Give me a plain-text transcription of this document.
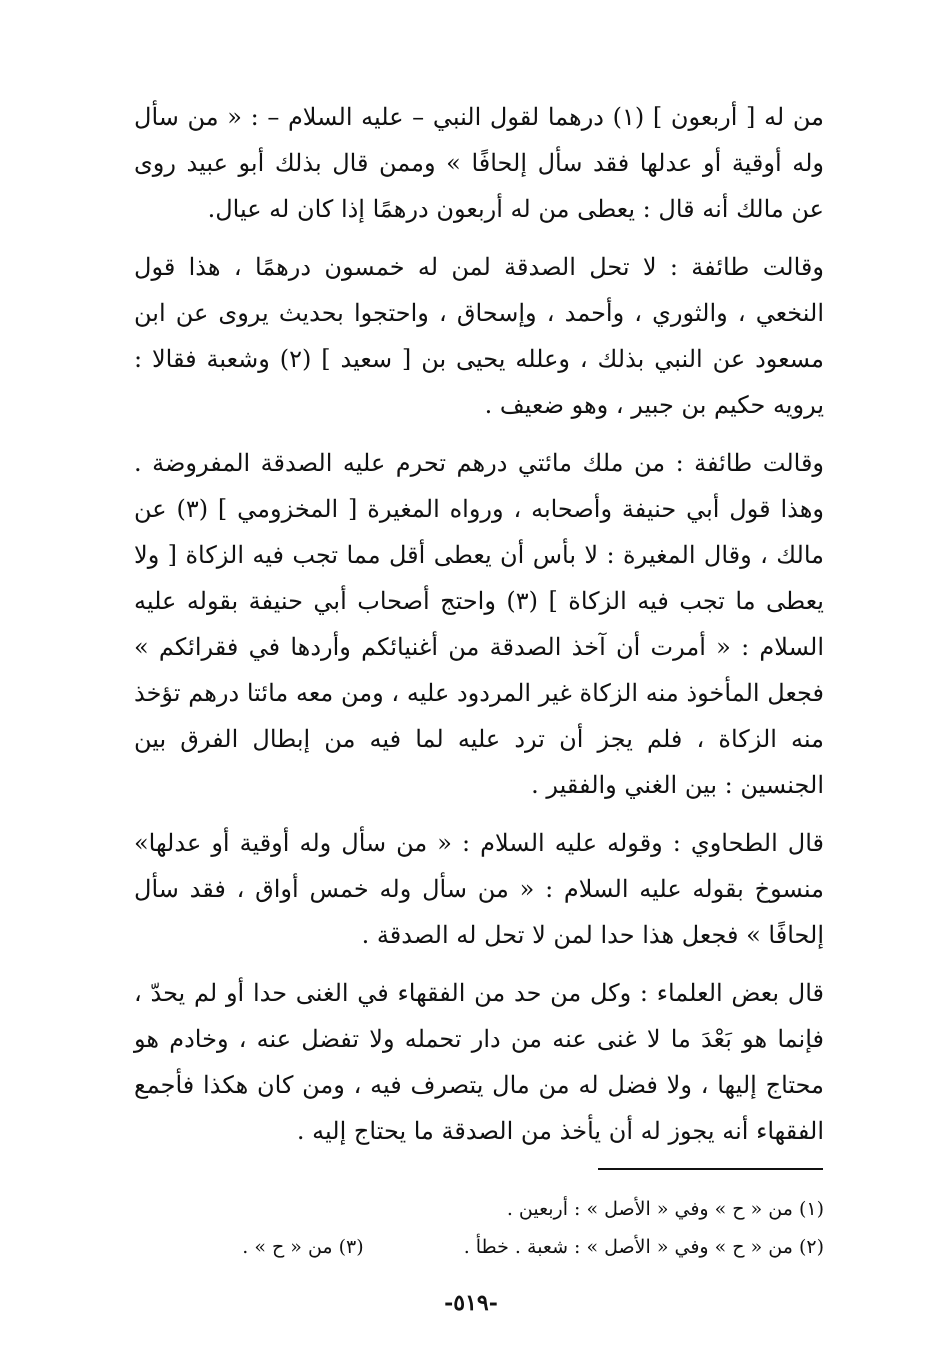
من له [ أربعون ] (١) درهما لقول النبي – عليه السلام – : « من سأل وله أوقية أو عدلها فقد سأل إلحافًا » وممن قال بذلك أبو عبيد روى عن مالك أنه قال : يعطى من له أربعون درهمًا إذا كان له عيال.

وقالت طائفة : لا تحل الصدقة لمن له خمسون درهمًا ، هذا قول النخعي ، والثوري ، وأحمد ، وإسحاق ، واحتجوا بحديث يروى عن ابن مسعود عن النبي بذلك ، وعلله يحيى بن [ سعيد ] (٢) وشعبة فقالا : يرويه حكيم بن جبير ، وهو ضعيف .

وقالت طائفة : من ملك مائتي درهم تحرم عليه الصدقة المفروضة . وهذا قول أبي حنيفة وأصحابه ، ورواه المغيرة [ المخزومي ] (٣) عن مالك ، وقال المغيرة : لا بأس أن يعطى أقل مما تجب فيه الزكاة [ ولا يعطى ما تجب فيه الزكاة ] (٣) واحتج أصحاب أبي حنيفة بقوله عليه السلام : « أمرت أن آخذ الصدقة من أغنيائكم وأردها في فقرائكم » فجعل المأخوذ منه الزكاة غير المردود عليه ، ومن معه مائتا درهم تؤخذ منه الزكاة ، فلم يجز أن ترد عليه لما فيه من إبطال الفرق بين الجنسين : بين الغني والفقير .

قال الطحاوي : وقوله عليه السلام : « من سأل وله أوقية أو عدلها» منسوخ بقوله عليه السلام : « من سأل وله خمس أواق ، فقد سأل إلحافًا » فجعل هذا حدا لمن لا تحل له الصدقة .

قال بعض العلماء : وكل من حد من الفقهاء في الغنى حدا أو لم يحدّ ، فإنما هو بَعْدَ ما لا غنى عنه من دار تحمله ولا تفضل عنه ، وخادم هو محتاج إليها ، ولا فضل له من مال يتصرف فيه ، ومن كان هكذا فأجمع الفقهاء أنه يجوز له أن يأخذ من الصدقة ما يحتاج إليه .

(١) من « ح » وفي « الأصل » : أربعين .
(٢) من « ح » وفي « الأصل » : شعبة . خطأ .
(٣) من « ح » .
-٥١٩-
